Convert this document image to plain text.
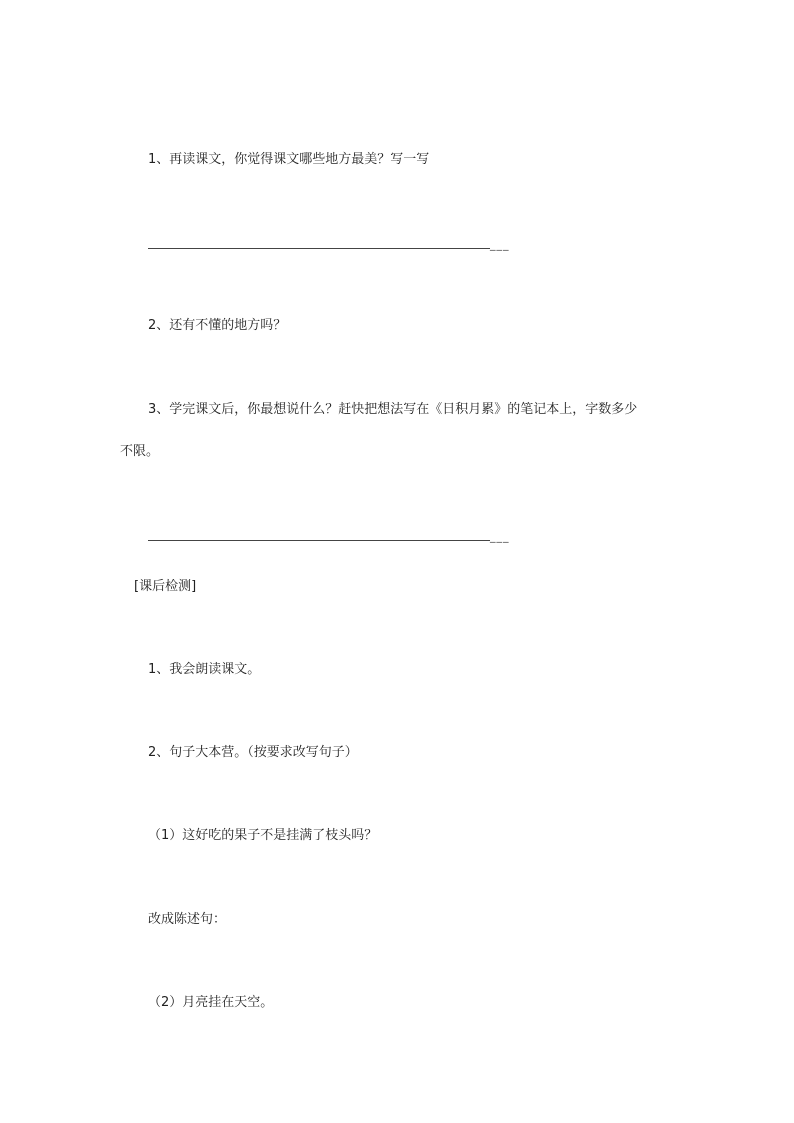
1、再读课文，你觉得课文哪些地方最美？写一写
___
2、还有不懂的地方吗？
3、学完课文后，你最想说什么？赶快把想法写在《日积月累》的笔记本上，字数多少
不限。
___
[课后检测]
1、我会朗读课文。
2、句子大本营。（按要求改写句子）
（1）这好吃的果子不是挂满了枝头吗？
改成陈述句：
（2）月亮挂在天空。
